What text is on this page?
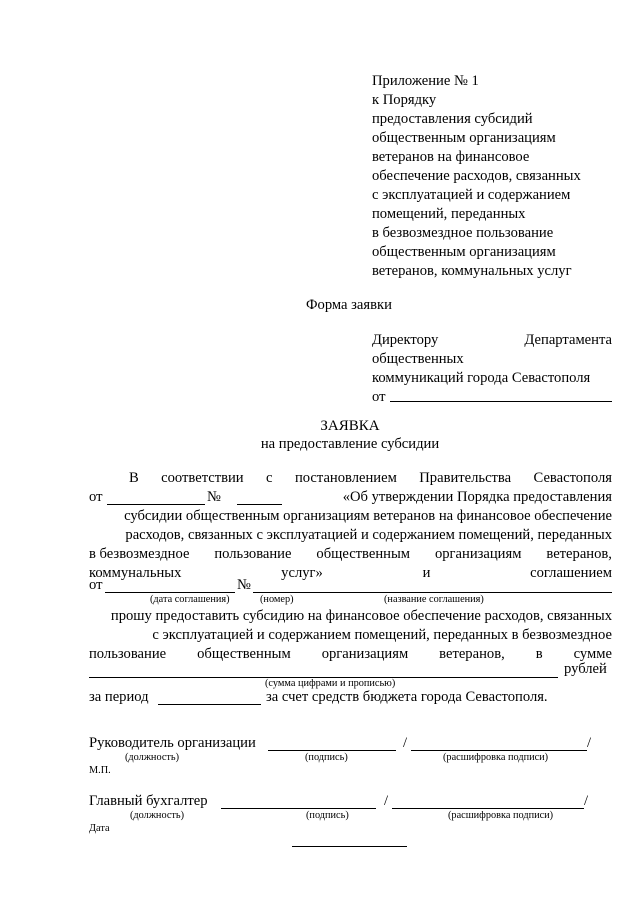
Приложение № 1
к Порядку
предоставления субсидий
общественным организациям
ветеранов на финансовое
обеспечение расходов, связанных
с эксплуатацией и содержанием
помещений, переданных
в безвозмездное пользование
общественным организациям
ветеранов, коммунальных услуг
Форма заявки
Директору	Департамента
общественных
коммуникаций города Севастополя
от
ЗАЯВКА
на предоставление субсидии
В соответствии с постановлением Правительства Севастополя
от	№	«Об утверждении Порядка предоставления
субсидии общественным организациям ветеранов на финансовое обеспечение
расходов, связанных с эксплуатацией и содержанием помещений, переданных
в безвозмездное пользование общественным организациям ветеранов,
коммунальных	услуг»	и	соглашением
от	№
(дата соглашения)	(номер)	(название соглашения)
прошу предоставить субсидию на финансовое обеспечение расходов, связанных
с эксплуатацией и содержанием помещений, переданных в безвозмездное
пользование общественным организациям ветеранов, в сумме
рублей
(сумма цифрами и прописью)
за период	за счет средств бюджета города Севастополя.
Руководитель организации	/	/
(должность)	(подпись)	(расшифровка подписи)
М.П.
Главный бухгалтер	/	/
(должность)	(подпись)	(расшифровка подписи)
Дата
